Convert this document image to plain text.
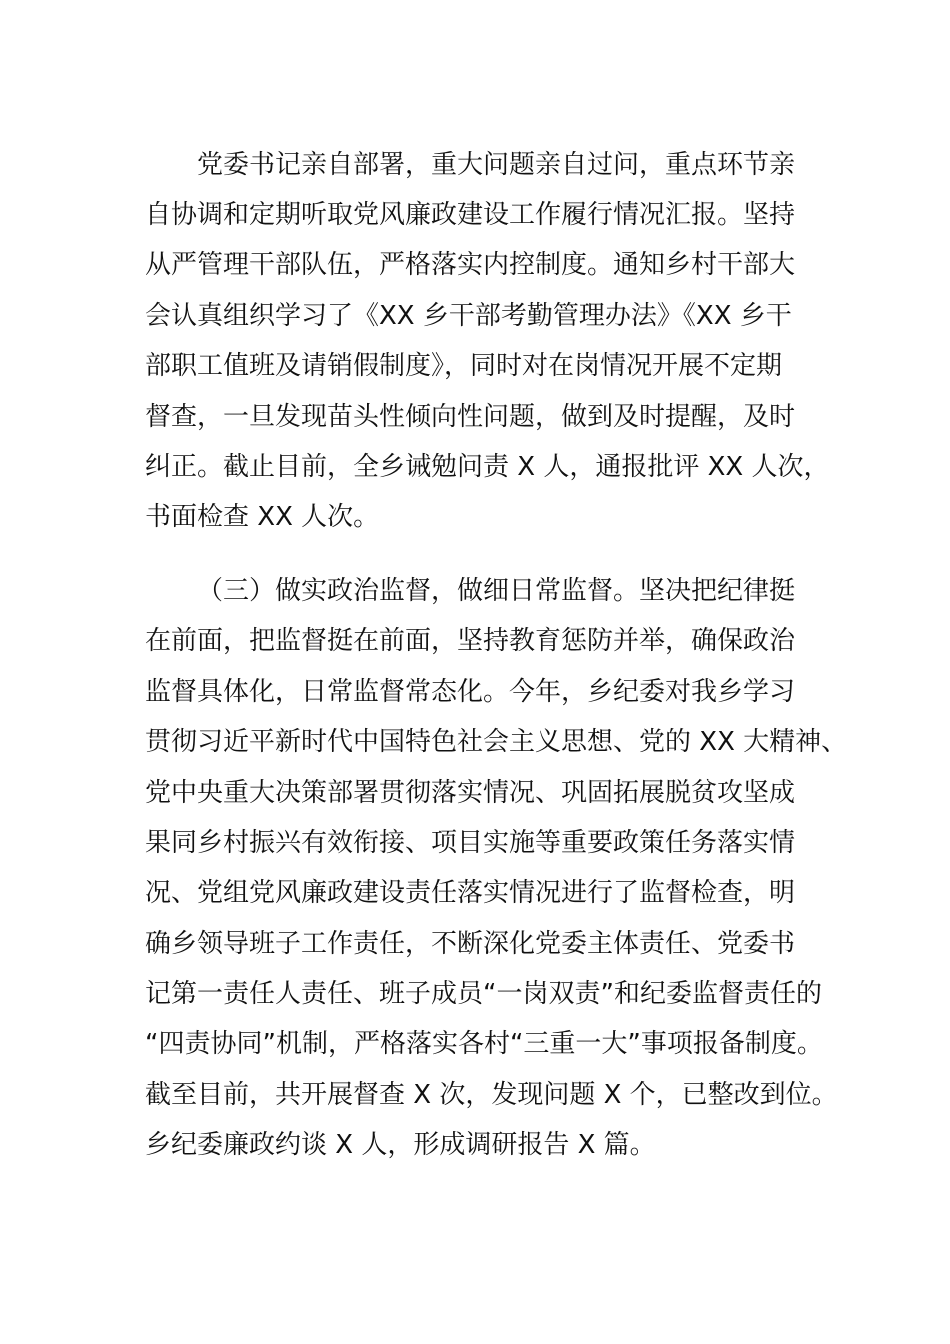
党委书记亲自部署，重大问题亲自过问，重点环节亲
自协调和定期听取党风廉政建设工作履行情况汇报。坚持
从严管理干部队伍，严格落实内控制度。通知乡村干部大
会认真组织学习了《XX 乡干部考勤管理办法》《XX 乡干
部职工值班及请销假制度》，同时对在岗情况开展不定期
督查，一旦发现苗头性倾向性问题，做到及时提醒，及时
纠正。截止目前，全乡诫勉问责 X 人，通报批评 XX 人次，
书面检查 XX 人次。
（三）做实政治监督，做细日常监督。坚决把纪律挺
在前面，把监督挺在前面，坚持教育惩防并举，确保政治
监督具体化，日常监督常态化。今年，乡纪委对我乡学习
贯彻习近平新时代中国特色社会主义思想、党的 XX 大精神、
党中央重大决策部署贯彻落实情况、巩固拓展脱贫攻坚成
果同乡村振兴有效衔接、项目实施等重要政策任务落实情
况、党组党风廉政建设责任落实情况进行了监督检查，明
确乡领导班子工作责任，不断深化党委主体责任、党委书
记第一责任人责任、班子成员“一岗双责”和纪委监督责任的
“四责协同”机制，严格落实各村“三重一大”事项报备制度。
截至目前，共开展督查 X 次，发现问题 X 个，已整改到位。
乡纪委廉政约谈 X 人，形成调研报告 X 篇。
